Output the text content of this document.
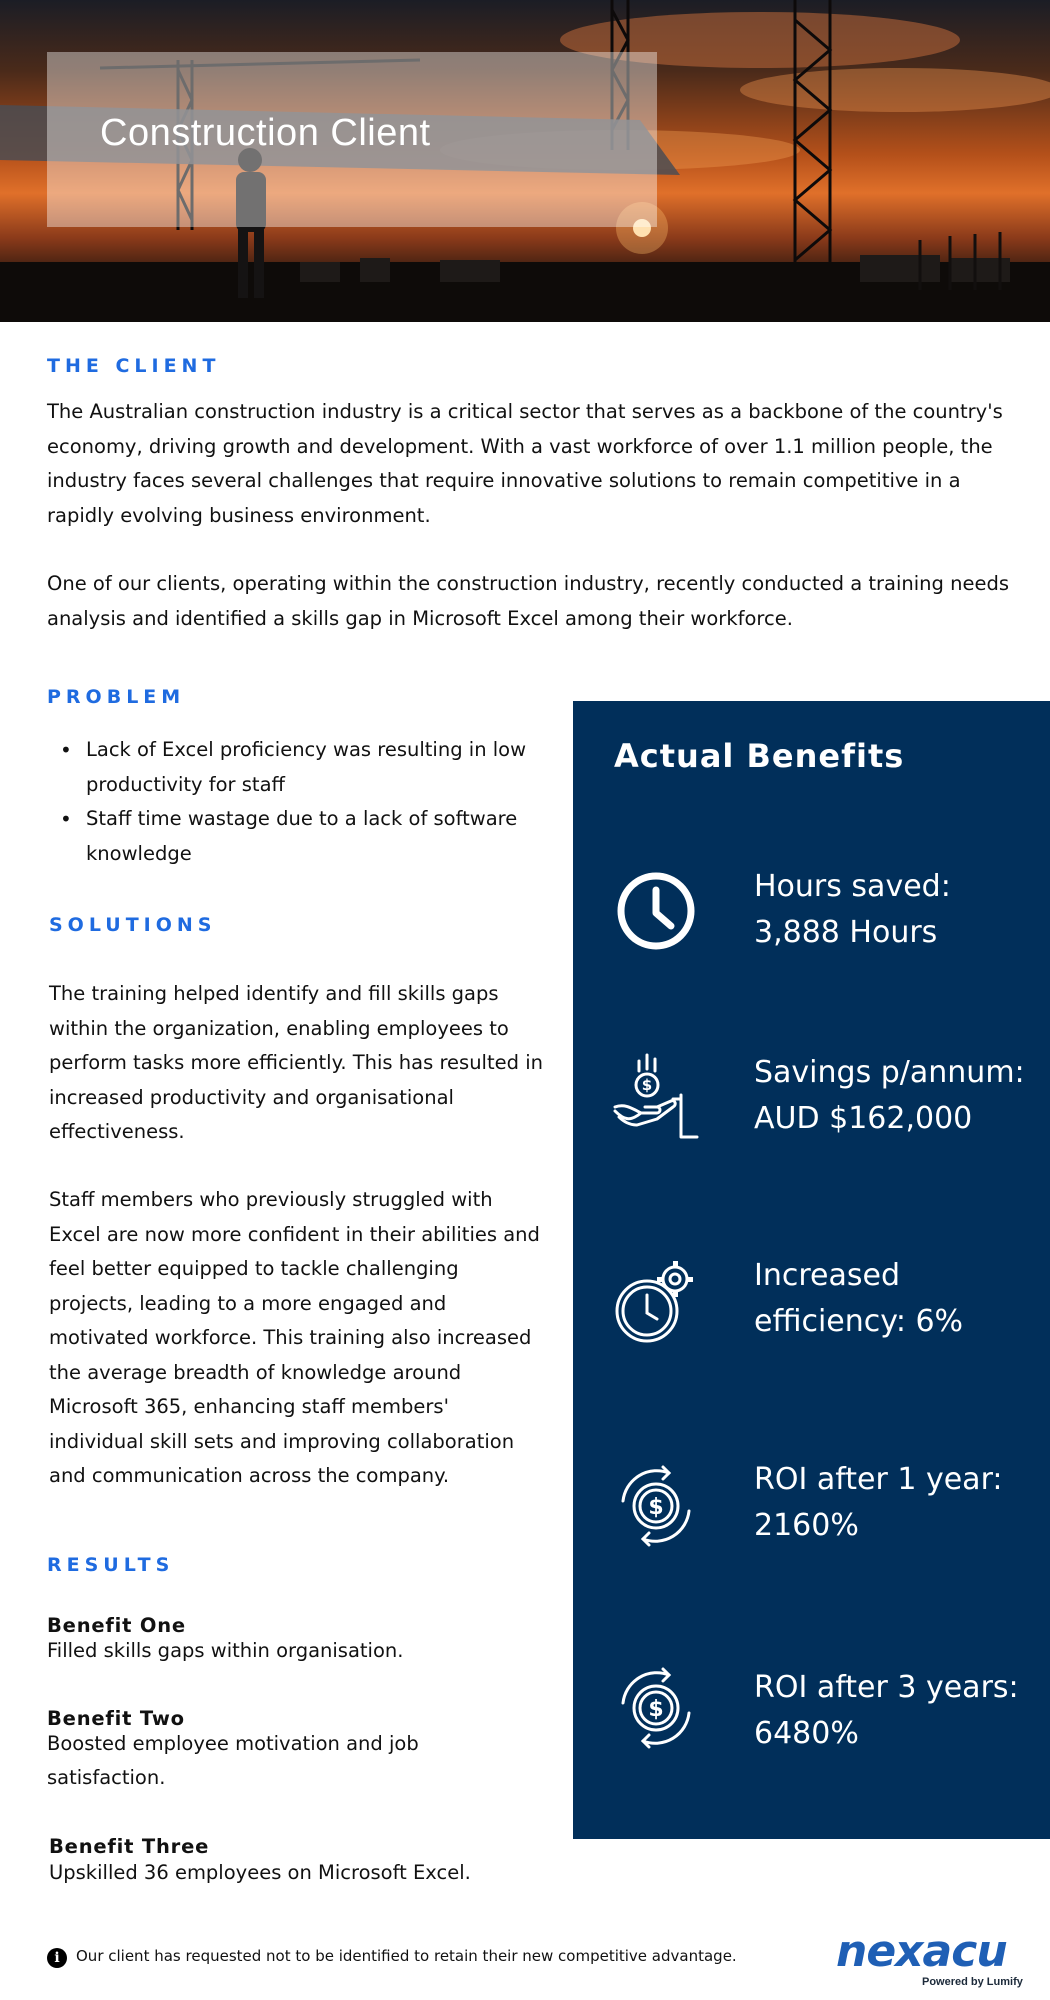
Construction Client
THE CLIENT

The Australian construction industry is a critical sector that serves as a backbone of the country's economy, driving growth and development. With a vast workforce of over 1.1 million people, the industry faces several challenges that require innovative solutions to remain competitive in a rapidly evolving business environment.

One of our clients, operating within the construction industry, recently conducted a training needs analysis and identified a skills gap in Microsoft Excel among their workforce.

PROBLEM
• Lack of Excel proficiency was resulting in low productivity for staff
• Staff time wastage due to a lack of software knowledge
SOLUTIONS

The training helped identify and fill skills gaps within the organization, enabling employees to perform tasks more efficiently. This has resulted in increased productivity and organisational effectiveness.

Staff members who previously struggled with Excel are now more confident in their abilities and feel better equipped to tackle challenging projects, leading to a more engaged and motivated workforce. This training also increased the average breadth of knowledge around Microsoft 365, enhancing staff members' individual skill sets and improving collaboration and communication across the company.

RESULTS
Benefit One
Filled skills gaps within organisation.
Benefit Two
Boosted employee motivation and job satisfaction.
Benefit Three
Upskilled 36 employees on Microsoft Excel.
Actual Benefits
Hours saved: 3,888 Hours
$	Savings p/annum: AUD $162,000
Increased efficiency: 6%
$
ROI after 1 year: 2160%
$
ROI after 3 years: 6480%
i	Our client has requested not to be identified to retain their new competitive advantage. nexacu
Powered by Lumify
